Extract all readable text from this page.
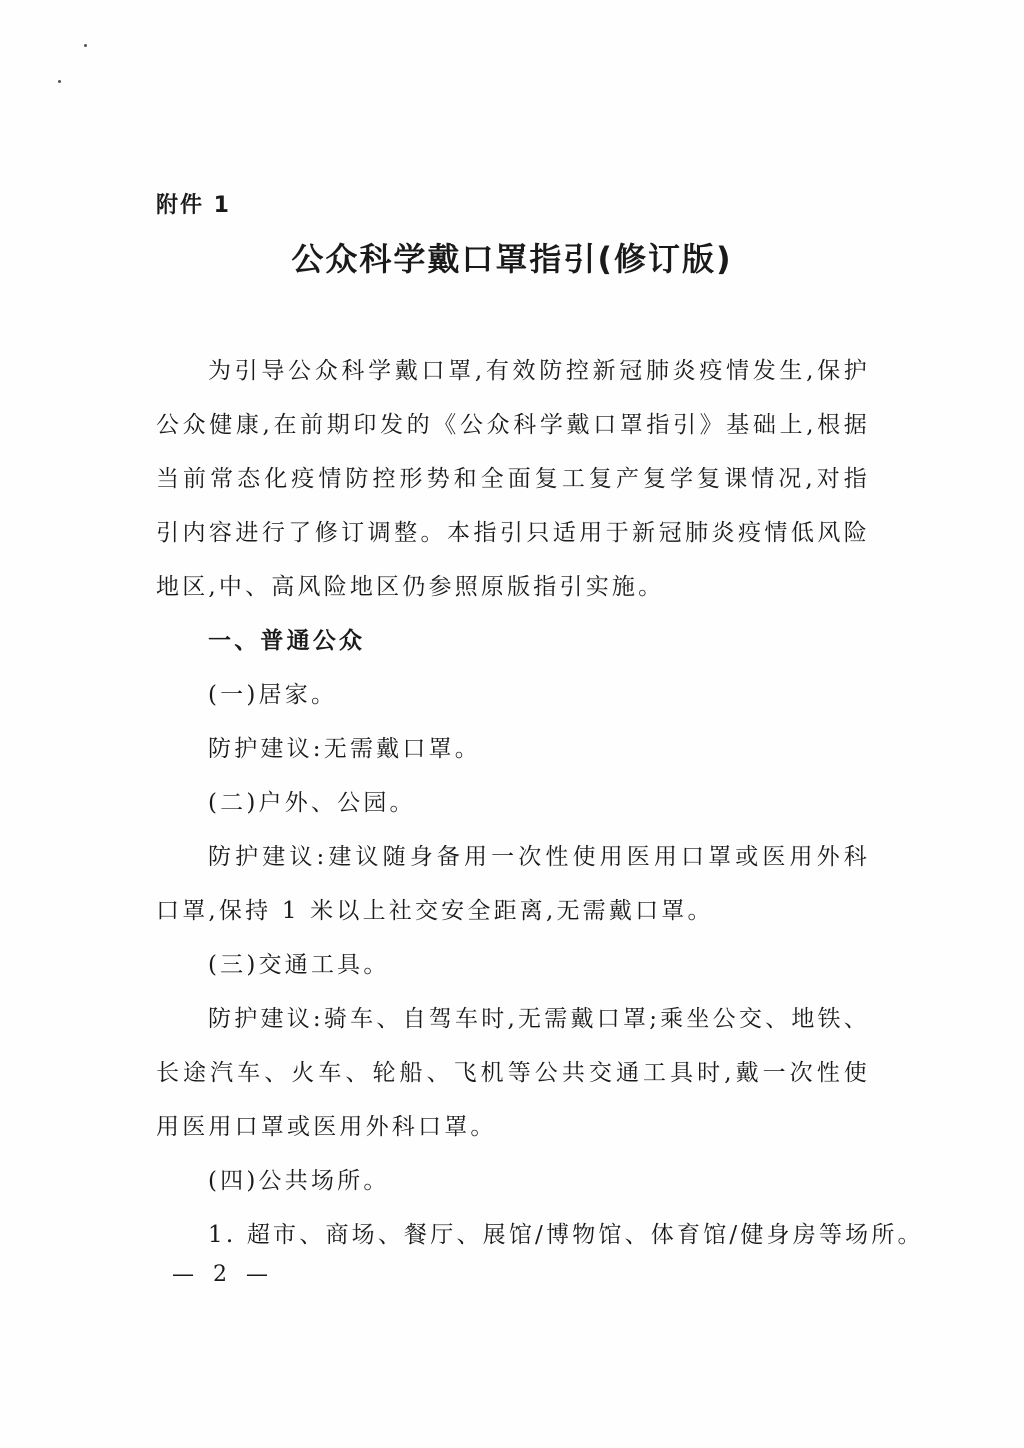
附件 1
公众科学戴口罩指引(修订版)

为引导公众科学戴口罩,有效防控新冠肺炎疫情发生,保护公众健康,在前期印发的《公众科学戴口罩指引》基础上,根据当前常态化疫情防控形势和全面复工复产复学复课情况,对指引内容进行了修订调整。本指引只适用于新冠肺炎疫情低风险地区,中、高风险地区仍参照原版指引实施。

一、普通公众

(一)居家。

防护建议:无需戴口罩。

(二)户外、公园。

防护建议:建议随身备用一次性使用医用口罩或医用外科口罩,保持 1 米以上社交安全距离,无需戴口罩。

(三)交通工具。

防护建议:骑车、自驾车时,无需戴口罩;乘坐公交、地铁、长途汽车、火车、轮船、飞机等公共交通工具时,戴一次性使用医用口罩或医用外科口罩。

(四)公共场所。

1. 超市、商场、餐厅、展馆/博物馆、体育馆/健身房等场所。

— 2 —
